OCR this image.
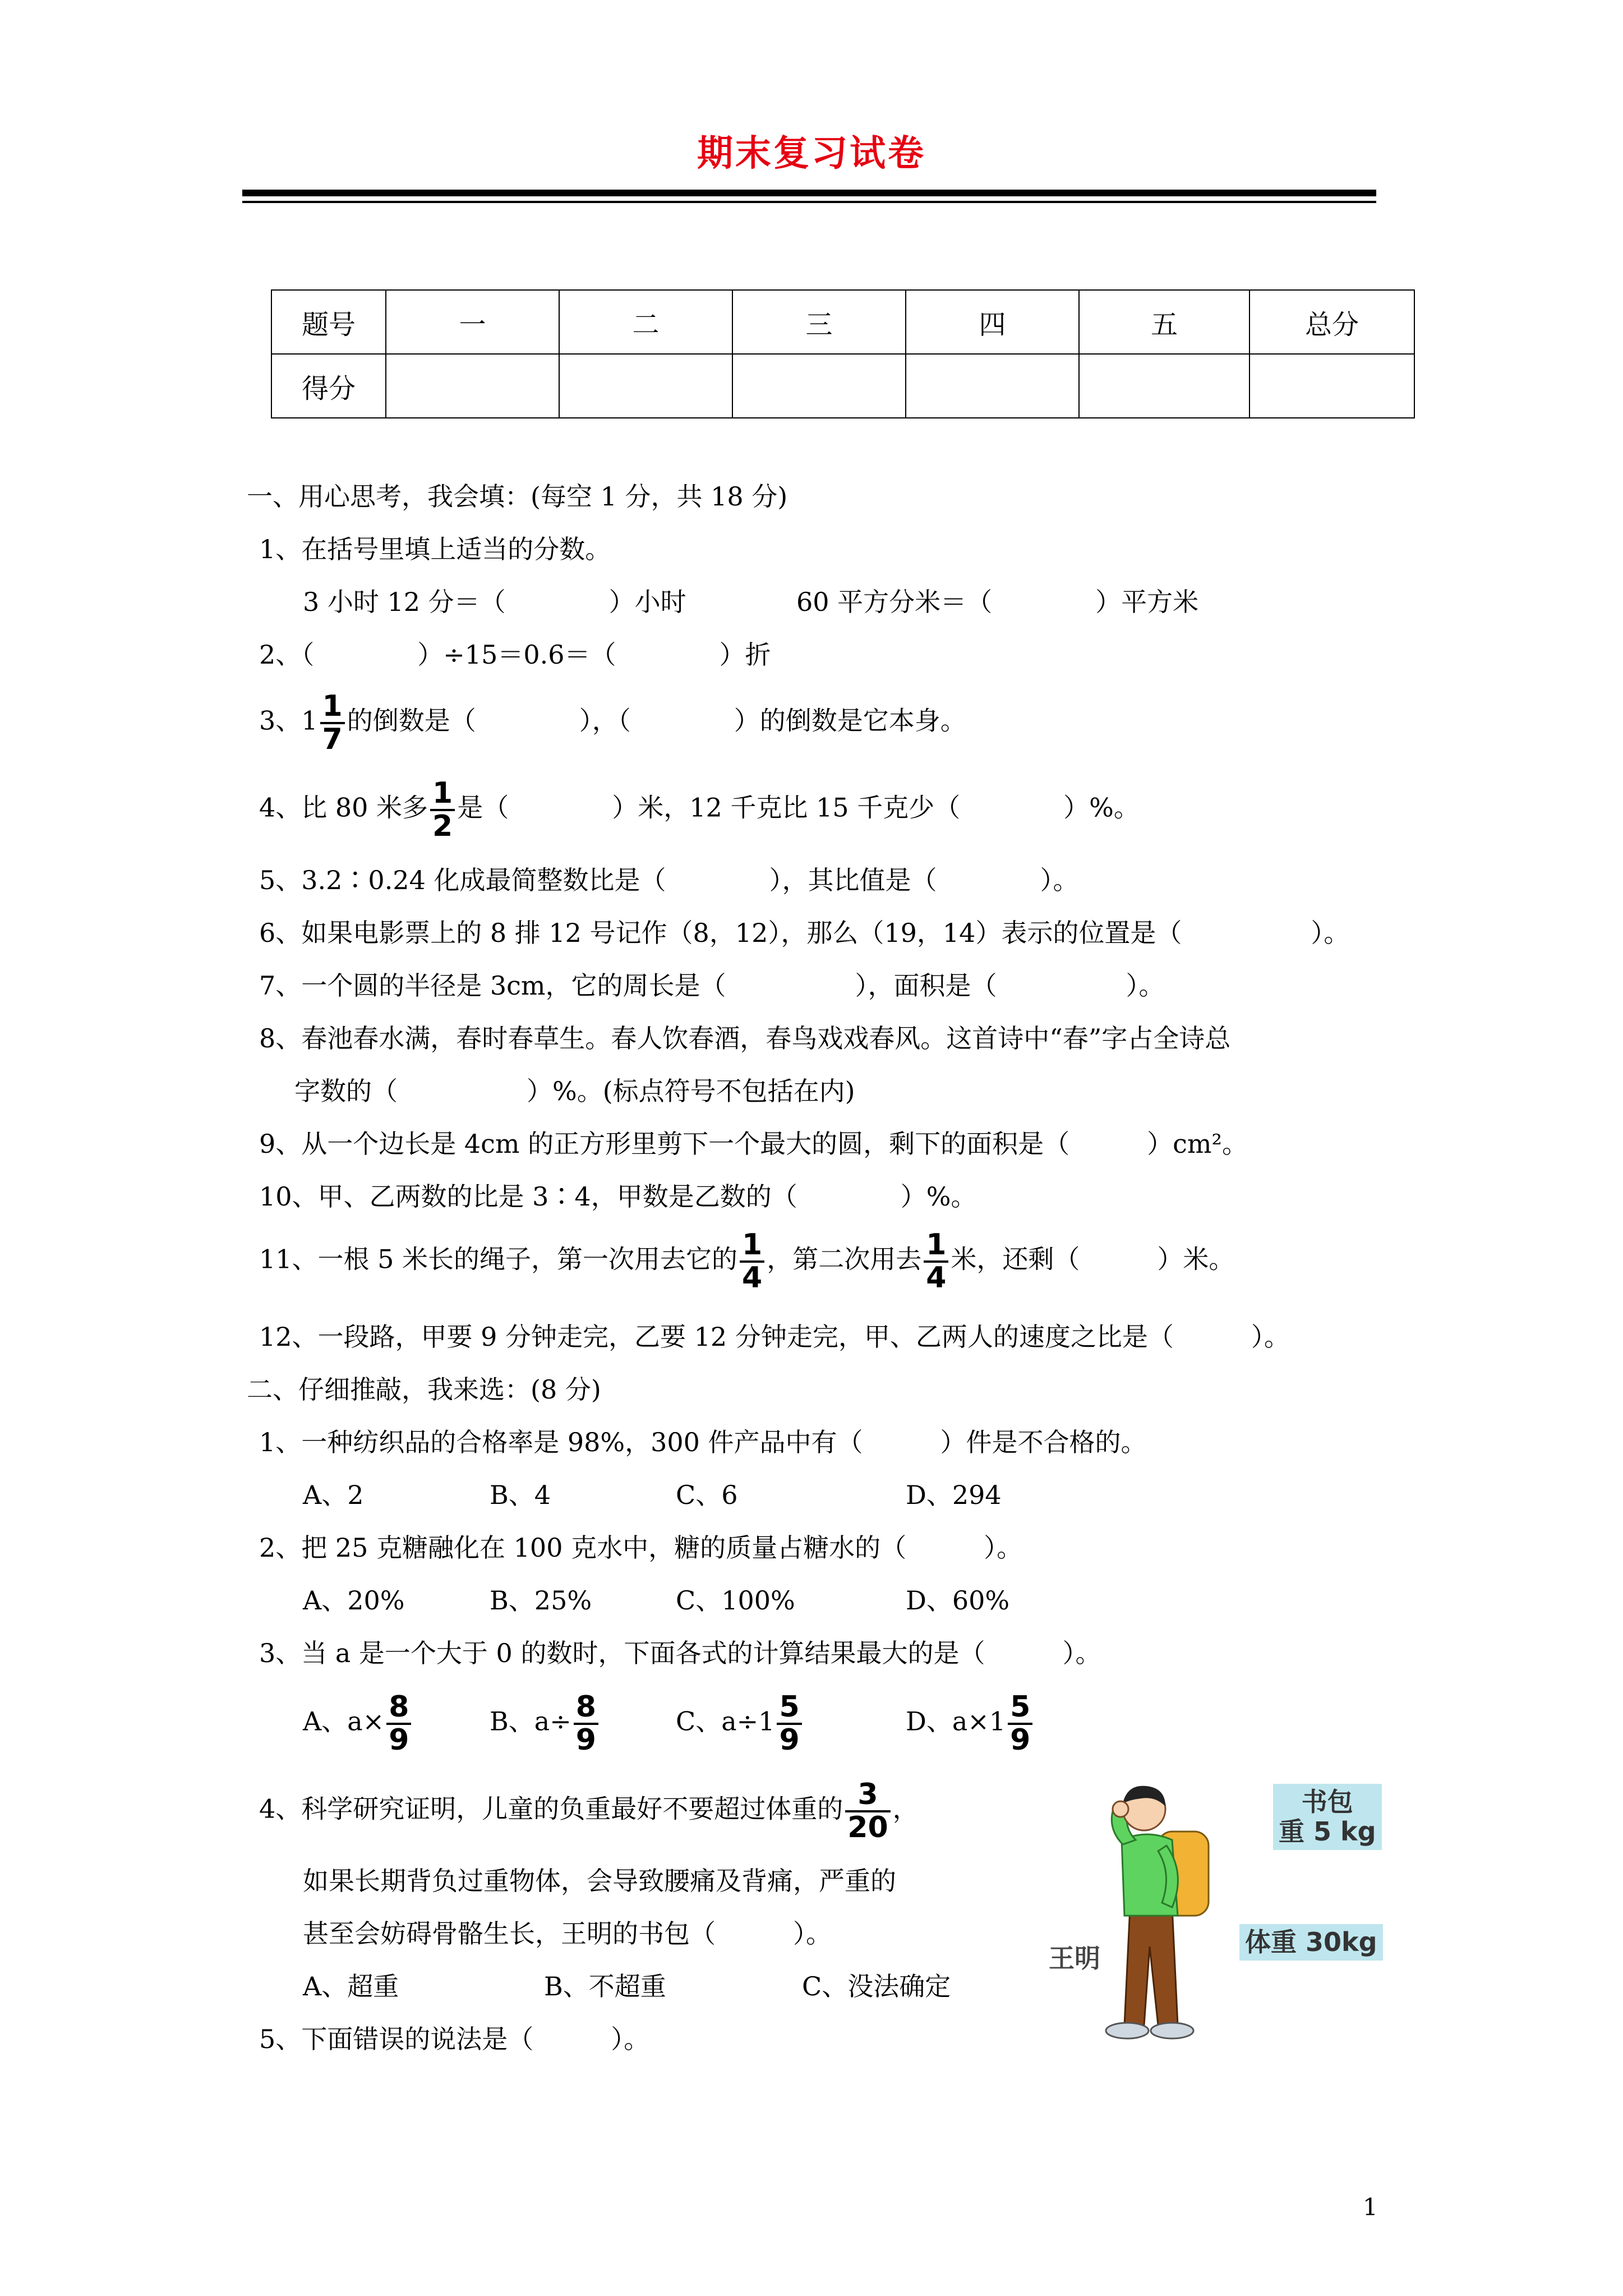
期末复习试卷
题号	一	二	三	四	五	总分
得分						
一、用心思考，我会填：(每空 1 分，共 18 分)
1、在括号里填上适当的分数。
3 小时 12 分＝（　　　　）小时	60 平方分米＝（　　　　）平方米
2、（　　　　）÷15＝0.6＝（　　　　）折
3、$1 \frac{1}{7}$ 的倒数是（　　　　），（　　　　）的倒数是它本身。
4、比 80 米多 $\frac{1}{2}$ 是（　　　　）米，12 千克比 15 千克少（　　　　）%。
5、3.2∶0.24 化成最简整数比是（　　　　），其比值是（　　　　）。
6、如果电影票上的 8 排 12 号记作（8，12），那么（19，14）表示的位置是（　　　　　）。
7、一个圆的半径是 3cm，它的周长是（　　　　　），面积是（　　　　　）。
8、春池春水满，春时春草生。春人饮春酒，春鸟戏戏春风。这首诗中“春”字占全诗总
字数的（　　　　　）%。(标点符号不包括在内)
9、从一个边长是 4cm 的正方形里剪下一个最大的圆，剩下的面积是（　　　）cm²。
10、甲、乙两数的比是 3∶4，甲数是乙数的（　　　　）%。
11、一根 5 米长的绳子，第一次用去它的 $\frac{1}{4}$ ，第二次用去 $\frac{1}{4}$ 米，还剩（　　　）米。
12、一段路，甲要 9 分钟走完，乙要 12 分钟走完，甲、乙两人的速度之比是（　　　）。
二、仔细推敲，我来选：(8 分)
1、一种纺织品的合格率是 98%，300 件产品中有（　　　）件是不合格的。
A、2	B、4	C、6	D、294
2、把 25 克糖融化在 100 克水中，糖的质量占糖水的（　　　）。
A、20%	B、25%	C、100%	D、60%
3、当 a 是一个大于 0 的数时，下面各式的计算结果最大的是（　　　）。
A、$a\times \frac{8}{9}$	B、$a\div \frac{8}{9}$	C、$a\div 1 \frac{5}{9}$	D、$a\times 1 \frac{5}{9}$
4、科学研究证明，儿童的负重最好不要超过体重的 $\frac{3}{20}$ ，
如果长期背负过重物体，会导致腰痛及背痛，严重的
甚至会妨碍骨骼生长，王明的书包（　　　）。
A、超重	B、不超重	C、没法确定
5、下面错误的说法是（　　　）。
书包
重 5 kg
体重 30kg
王明
1
